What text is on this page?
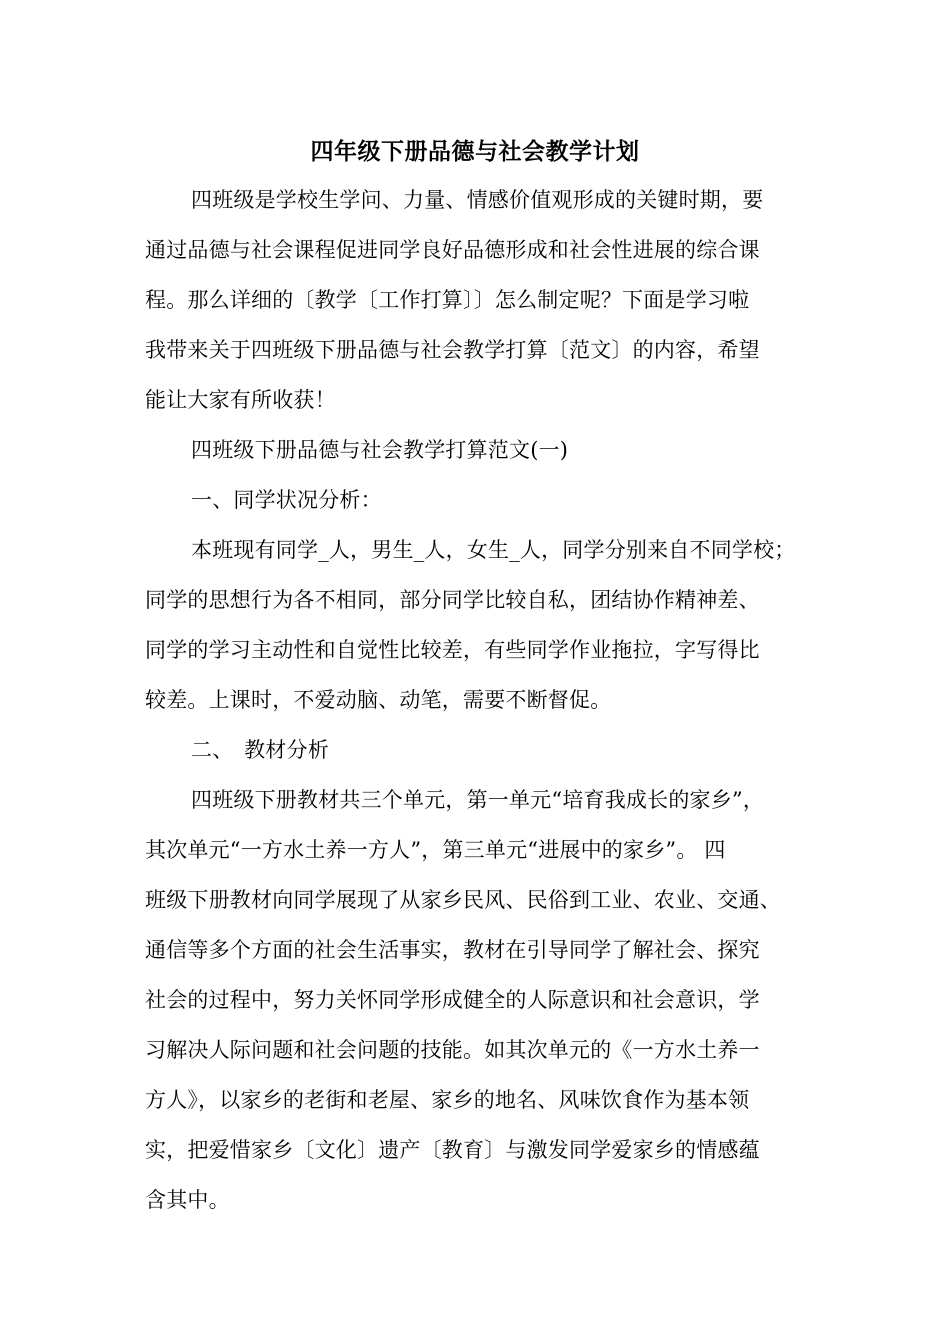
四年级下册品德与社会教学计划
四班级是学校生学问、力量、情感价值观形成的关键时期，要
通过品德与社会课程促进同学良好品德形成和社会性进展的综合课
程。那么详细的〔教学〔工作打算〕〕怎么制定呢？下面是学习啦
我带来关于四班级下册品德与社会教学打算〔范文〕的内容，希望
能让大家有所收获！
四班级下册品德与社会教学打算范文(一)
一、同学状况分析：
本班现有同学_人，男生_人，女生_人，同学分别来自不同学校；
同学的思想行为各不相同，部分同学比较自私，团结协作精神差、
同学的学习主动性和自觉性比较差，有些同学作业拖拉，字写得比
较差。上课时，不爱动脑、动笔，需要不断督促。
二、　教材分析
四班级下册教材共三个单元，第一单元“培育我成长的家乡”，
其次单元“一方水土养一方人”，第三单元“进展中的家乡”。 四
班级下册教材向同学展现了从家乡民风、民俗到工业、农业、交通、
通信等多个方面的社会生活事实，教材在引导同学了解社会、探究
社会的过程中，努力关怀同学形成健全的人际意识和社会意识，学
习解决人际问题和社会问题的技能。如其次单元的《一方水土养一
方人》，以家乡的老街和老屋、家乡的地名、风味饮食作为基本领
实，把爱惜家乡〔文化〕遗产〔教育〕与激发同学爱家乡的情感蕴
含其中。
